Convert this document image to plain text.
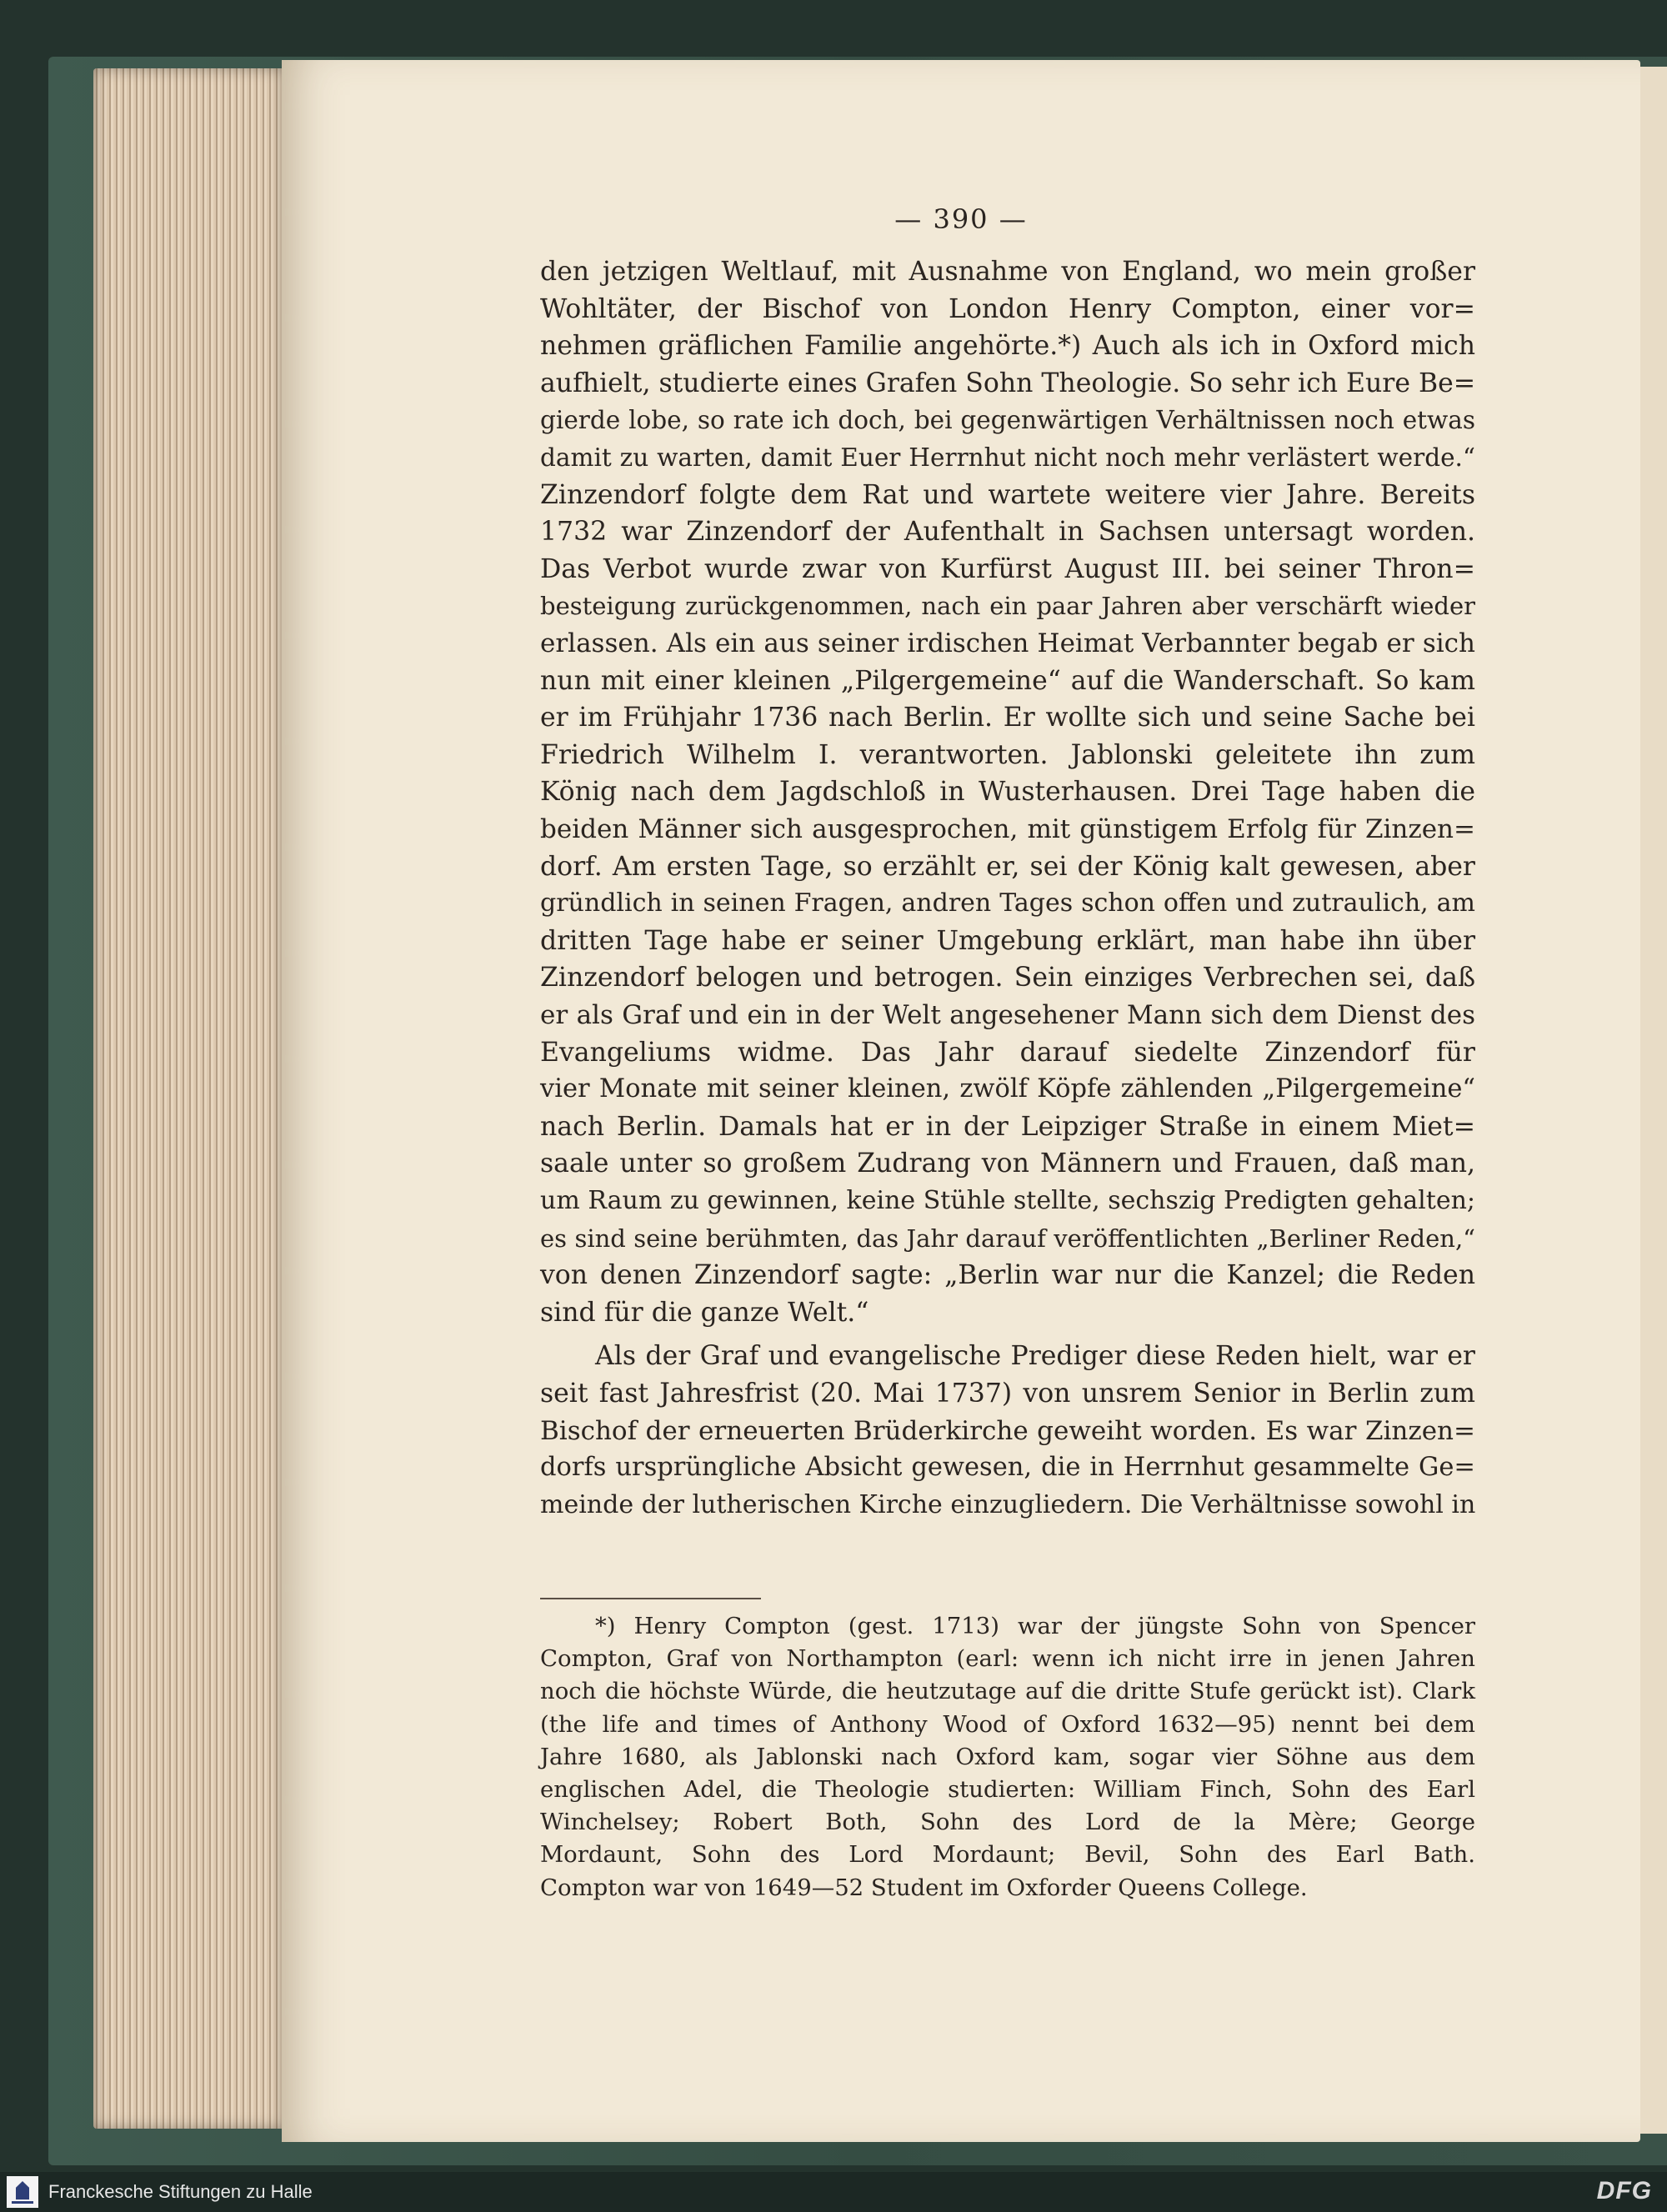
— 390 —
den jetzigen Weltlauf, mit Ausnahme von England, wo mein großer
Wohltäter, der Bischof von London Henry Compton, einer vor=
nehmen gräflichen Familie angehörte.*) Auch als ich in Oxford mich
aufhielt, studierte eines Grafen Sohn Theologie. So sehr ich Eure Be=
gierde lobe, so rate ich doch, bei gegenwärtigen Verhältnissen noch etwas
damit zu warten, damit Euer Herrnhut nicht noch mehr verlästert werde.“
Zinzendorf folgte dem Rat und wartete weitere vier Jahre. Bereits
1732 war Zinzendorf der Aufenthalt in Sachsen untersagt worden.
Das Verbot wurde zwar von Kurfürst August III. bei seiner Thron=
besteigung zurückgenommen, nach ein paar Jahren aber verschärft wieder
erlassen. Als ein aus seiner irdischen Heimat Verbannter begab er sich
nun mit einer kleinen „Pilgergemeine“ auf die Wanderschaft. So kam
er im Frühjahr 1736 nach Berlin. Er wollte sich und seine Sache bei
Friedrich Wilhelm I. verantworten. Jablonski geleitete ihn zum
König nach dem Jagdschloß in Wusterhausen. Drei Tage haben die
beiden Männer sich ausgesprochen, mit günstigem Erfolg für Zinzen=
dorf. Am ersten Tage, so erzählt er, sei der König kalt gewesen, aber
gründlich in seinen Fragen, andren Tages schon offen und zutraulich, am
dritten Tage habe er seiner Umgebung erklärt, man habe ihn über
Zinzendorf belogen und betrogen. Sein einziges Verbrechen sei, daß
er als Graf und ein in der Welt angesehener Mann sich dem Dienst des
Evangeliums widme. Das Jahr darauf siedelte Zinzendorf für
vier Monate mit seiner kleinen, zwölf Köpfe zählenden „Pilgergemeine“
nach Berlin. Damals hat er in der Leipziger Straße in einem Miet=
saale unter so großem Zudrang von Männern und Frauen, daß man,
um Raum zu gewinnen, keine Stühle stellte, sechszig Predigten gehalten;
es sind seine berühmten, das Jahr darauf veröffentlichten „Berliner Reden,“
von denen Zinzendorf sagte: „Berlin war nur die Kanzel; die Reden
sind für die ganze Welt.“
Als der Graf und evangelische Prediger diese Reden hielt, war er
seit fast Jahresfrist (20. Mai 1737) von unsrem Senior in Berlin zum
Bischof der erneuerten Brüderkirche geweiht worden. Es war Zinzen=
dorfs ursprüngliche Absicht gewesen, die in Herrnhut gesammelte Ge=
meinde der lutherischen Kirche einzugliedern. Die Verhältnisse sowohl in
*) Henry Compton (gest. 1713) war der jüngste Sohn von Spencer
Compton, Graf von Northampton (earl: wenn ich nicht irre in jenen Jahren
noch die höchste Würde, die heutzutage auf die dritte Stufe gerückt ist). Clark
(the life and times of Anthony Wood of Oxford 1632—95) nennt bei dem
Jahre 1680, als Jablonski nach Oxford kam, sogar vier Söhne aus dem
englischen Adel, die Theologie studierten: William Finch, Sohn des Earl
Winchelsey; Robert Both, Sohn des Lord de la Mère; George
Mordaunt, Sohn des Lord Mordaunt; Bevil, Sohn des Earl Bath.
Compton war von 1649—52 Student im Oxforder Queens College.
Franckesche Stiftungen zu Halle	DFG
